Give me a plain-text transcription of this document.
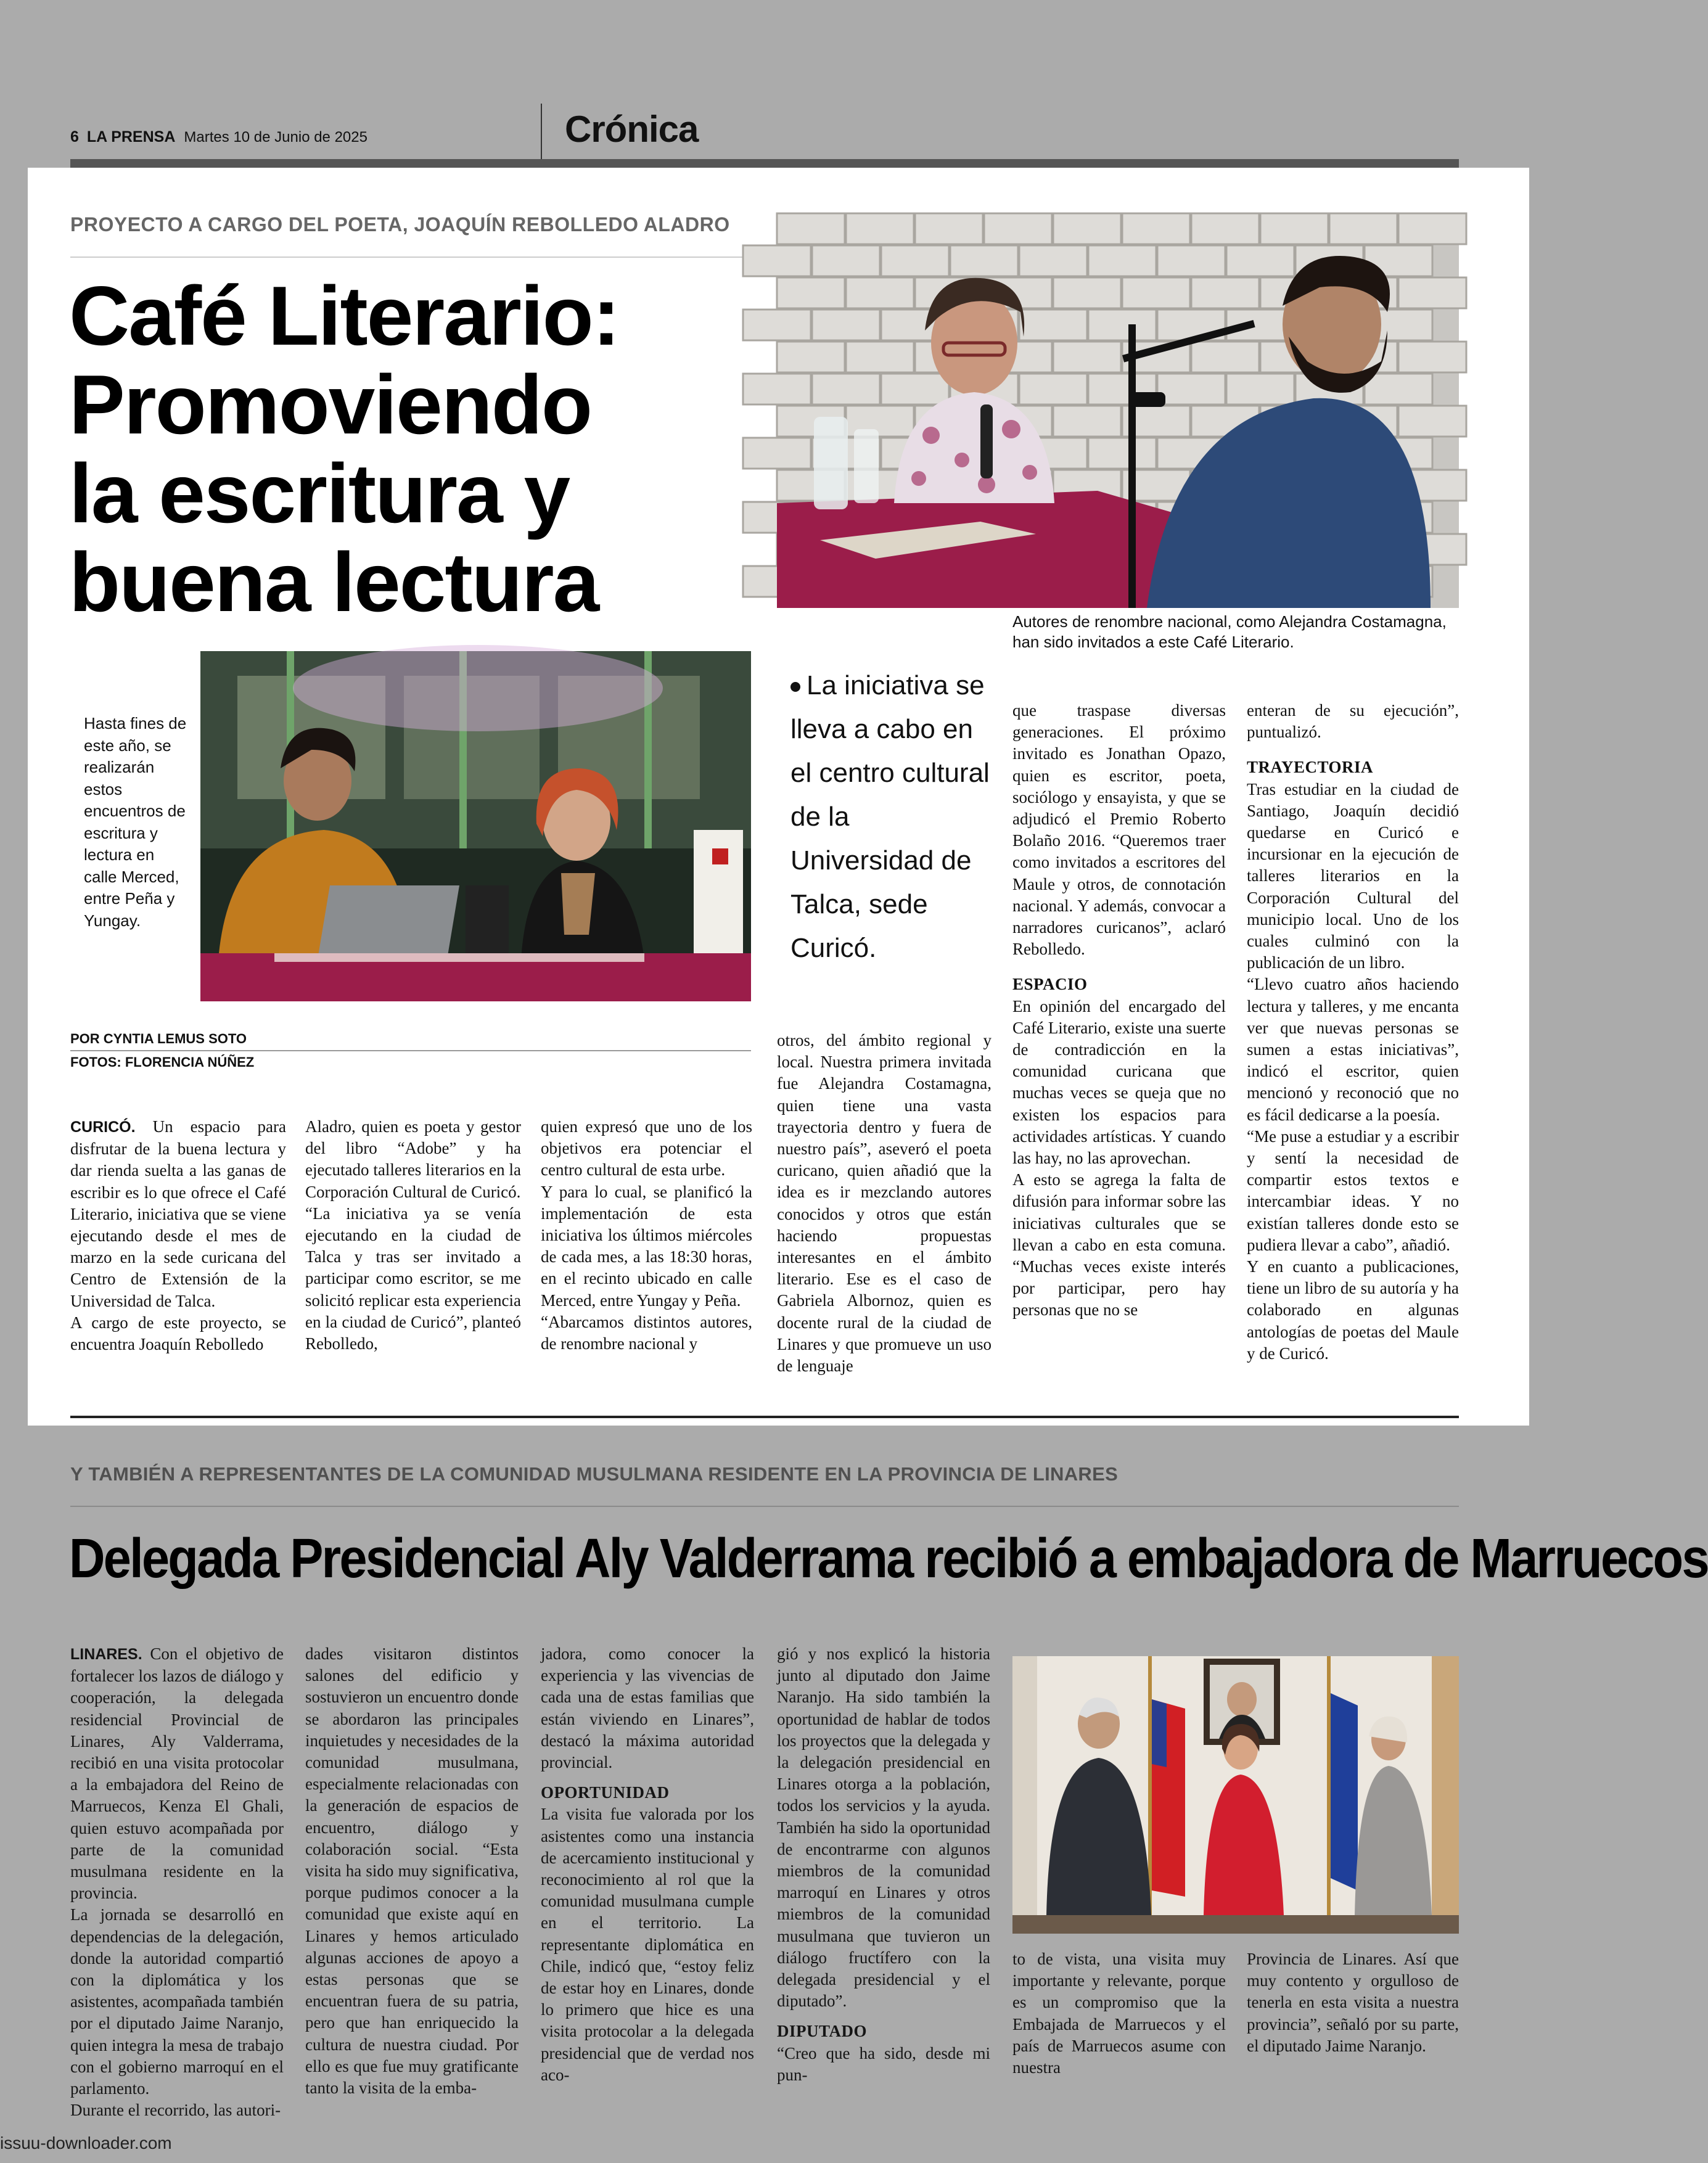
6 LA PRENSA Martes 10 de Junio de 2025	Crónica
PROYECTO A CARGO DEL POETA, JOAQUÍN REBOLLEDO ALADRO
Café Literario:
Promoviendo
la escritura y
buena lectura	Autores de renombre nacional, como Alejandra Costamagna, han sido invitados a este Café Literario.
Hasta fines de este año, se realizarán estos encuentros de escritura y lectura en calle Merced, entre Peña y Yungay.
La iniciativa se lleva a cabo en el centro cultural de la Universidad de Talca, sede Curicó.
POR CYNTIA LEMUS SOTO
FOTOS: FLORENCIA NÚÑEZ

CURICÓ. Un espacio para disfrutar de la buena lectura y dar rienda suelta a las ganas de escribir es lo que ofrece el Café Literario, iniciativa que se viene ejecutando desde el mes de marzo en la sede curicana del Centro de Extensión de la Universidad de Talca.

A cargo de este proyecto, se encuentra Joaquín Rebolledo

Aladro, quien es poeta y gestor del libro “Adobe” y ha ejecutado talleres literarios en la Corporación Cultural de Curicó.

“La iniciativa ya se venía ejecutando en la ciudad de Talca y tras ser invitado a participar como escritor, se me solicitó replicar esta experiencia en la ciudad de Curicó”, planteó Rebolledo,

quien expresó que uno de los objetivos era potenciar el centro cultural de esta urbe.

Y para lo cual, se planificó la implementación de esta iniciativa los últimos miércoles de cada mes, a las 18:30 horas, en el recinto ubicado en calle Merced, entre Yungay y Peña.

“Abarcamos distintos autores, de renombre nacional y

otros, del ámbito regional y local. Nuestra primera invitada fue Alejandra Costamagna, quien tiene una vasta trayectoria dentro y fuera de nuestro país”, aseveró el poeta curicano, quien añadió que la idea es ir mezclando autores conocidos y otros que están haciendo propuestas interesantes en el ámbito literario. Ese es el caso de Gabriela Albornoz, quien es docente rural de la ciudad de Linares y que promueve un uso de lenguaje

que traspase diversas generaciones. El próximo invitado es Jonathan Opazo, quien es escritor, poeta, sociólogo y ensayista, y que se adjudicó el Premio Roberto Bolaño 2016. “Queremos traer como invitados a escritores del Maule y otros, de connotación nacional. Y además, convocar a narradores curicanos”, aclaró Rebolledo.

ESPACIO

En opinión del encargado del Café Literario, existe una suerte de contradicción en la comunidad curicana que muchas veces se queja que no existen los espacios para actividades artísticas. Y cuando las hay, no las aprovechan.

A esto se agrega la falta de difusión para informar sobre las iniciativas culturales que se llevan a cabo en esta comuna. “Muchas veces existe interés por participar, pero hay personas que no se

enteran de su ejecución”, puntualizó.

TRAYECTORIA

Tras estudiar en la ciudad de Santiago, Joaquín decidió quedarse en Curicó e incursionar en la ejecución de talleres literarios en la Corporación Cultural del municipio local. Uno de los cuales culminó con la publicación de un libro.

“Llevo cuatro años haciendo lectura y talleres, y me encanta ver que nuevas personas se sumen a estas iniciativas”, indicó el escritor, quien mencionó y reconoció que no es fácil dedicarse a la poesía.

“Me puse a estudiar y a escribir y sentí la necesidad de compartir estos textos e intercambiar ideas. Y no existían talleres donde esto se pudiera llevar a cabo”, añadió.

Y en cuanto a publicaciones, tiene un libro de su autoría y ha colaborado en algunas antologías de poetas del Maule y de Curicó.

Y TAMBIÉN A REPRESENTANTES DE LA COMUNIDAD MUSULMANA RESIDENTE EN LA PROVINCIA DE LINARES
Delegada Presidencial Aly Valderrama recibió a embajadora de Marruecos

LINARES. Con el objetivo de fortalecer los lazos de diálogo y cooperación, la delegada residencial Provincial de Linares, Aly Valderrama, recibió en una visita protocolar a la embajadora del Reino de Marruecos, Kenza El Ghali, quien estuvo acompañada por parte de la comunidad musulmana residente en la provincia.

La jornada se desarrolló en dependencias de la delegación, donde la autoridad compartió con la diplomática y los asistentes, acompañada también por el diputado Jaime Naranjo, quien integra la mesa de trabajo con el gobierno marroquí en el parlamento.

Durante el recorrido, las autori-

dades visitaron distintos salones del edificio y sostuvieron un encuentro donde se abordaron las principales inquietudes y necesidades de la comunidad musulmana, especialmente relacionadas con la generación de espacios de encuentro, diálogo y colaboración social. “Esta visita ha sido muy significativa, porque pudimos conocer a la comunidad que existe aquí en Linares y hemos articulado algunas acciones de apoyo a estas personas que se encuentran fuera de su patria, pero que han enriquecido la cultura de nuestra ciudad. Por ello es que fue muy gratificante tanto la visita de la emba-

jadora, como conocer la experiencia y las vivencias de cada una de estas familias que están viviendo en Linares”, destacó la máxima autoridad provincial.

OPORTUNIDAD

La visita fue valorada por los asistentes como una instancia de acercamiento institucional y reconocimiento al rol que la comunidad musulmana cumple en el territorio. La representante diplomática en Chile, indicó que, “estoy feliz de estar hoy en Linares, donde lo primero que hice es una visita protocolar a la delegada presidencial que de verdad nos aco-

gió y nos explicó la historia junto al diputado don Jaime Naranjo. Ha sido también la oportunidad de hablar de todos los proyectos que la delegada y la delegación presidencial en Linares otorga a la población, todos los servicios y la ayuda. También ha sido la oportunidad de encontrarme con algunos miembros de la comunidad marroquí en Linares y otros miembros de la comunidad musulmana que tuvieron un diálogo fructífero con la delegada presidencial y el diputado”.

DIPUTADO

“Creo que ha sido, desde mi pun-

to de vista, una visita muy importante y relevante, porque es un compromiso que la Embajada de Marruecos y el país de Marruecos asume con nuestra

Provincia de Linares. Así que muy contento y orgulloso de tenerla en esta visita a nuestra provincia”, señaló por su parte, el diputado Jaime Naranjo.

issuu-downloader.com
